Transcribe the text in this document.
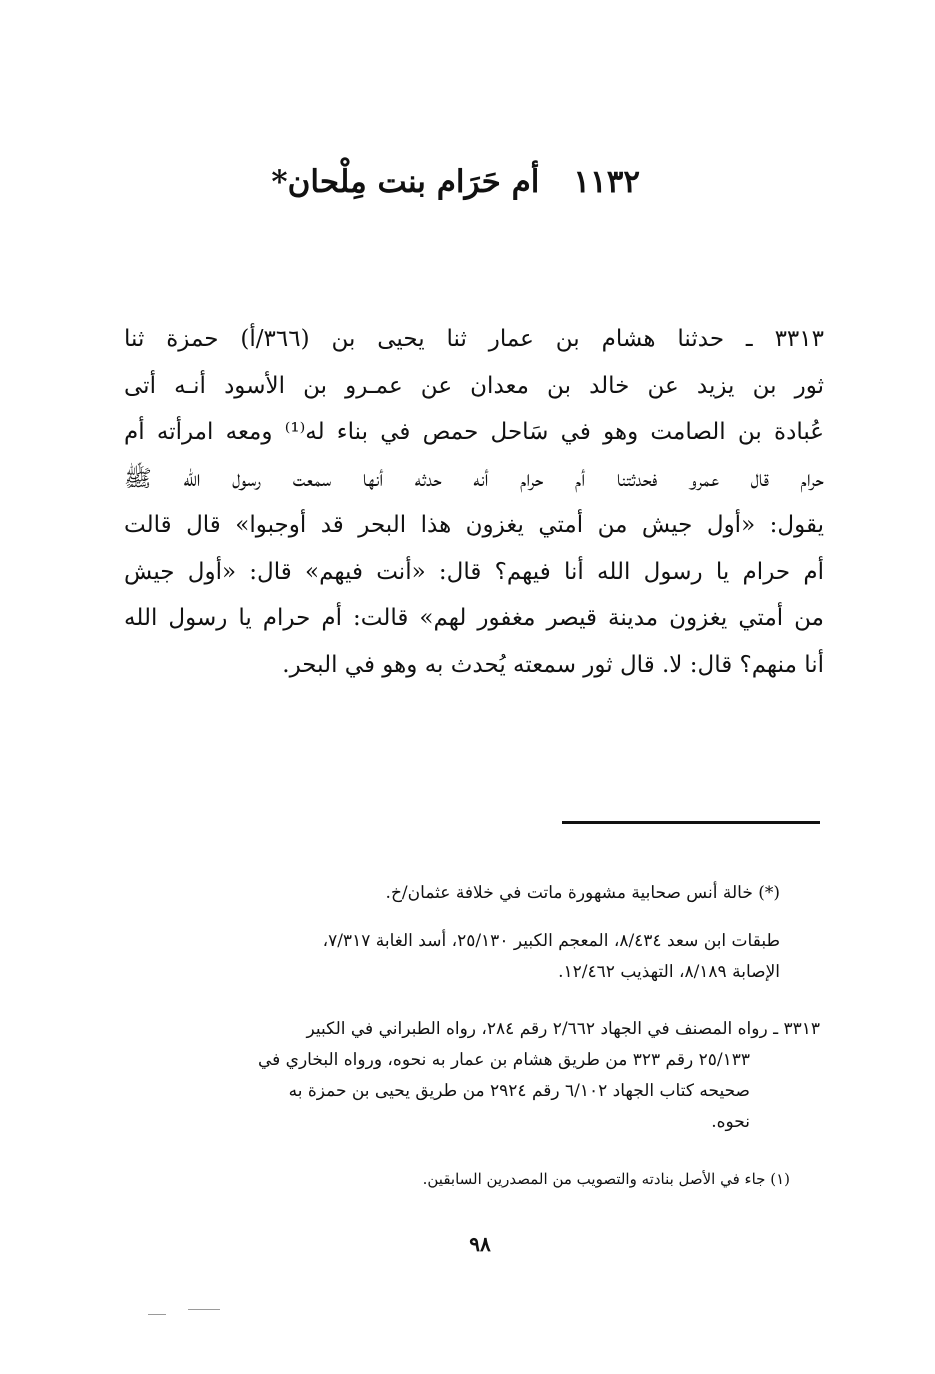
١١٣٢أم حَرَام بنت مِلْحان*
٣٣١٣ ـ حدثنا هشام بن عمار ثنا يحيى بن (٣٦٦/أ) حمزة ثنا
ثور بن يزيد عن خالد بن معدان عن عمـرو بن الأسود أنـه أتى
عُبادة بن الصامت وهو في سَاحل حمص في بناء له⁽¹⁾ ومعه امرأته أم
حرام قال عمرو فحدثتنا أم حرام أنه حدثه أنها سمعت رسول الله ﷺ
يقول: «أول جيش من أمتي يغزون هذا البحر قد أوجبوا» قال قالت
أم حرام يا رسول الله أنا فيهم؟ قال: «أنت فيهم» قال: «أول جيش
من أمتي يغزون مدينة قيصر مغفور لهم» قالت: أم حرام يا رسول الله
أنا منهم؟ قال: لا. قال ثور سمعته يُحدث به وهو في البحر.
(*) خالة أنس صحابية مشهورة ماتت في خلافة عثمان/خ.
طبقات ابن سعد ٨/٤٣٤، المعجم الكبير ٢٥/١٣٠، أسد الغابة ٧/٣١٧،
الإصابة ٨/١٨٩، التهذيب ١٢/٤٦٢.
٣٣١٣ ـ رواه المصنف في الجهاد ٢/٦٦٢ رقم ٢٨٤، رواه الطبراني في الكبير
٢٥/١٣٣ رقم ٣٢٣ من طريق هشام بن عمار به نحوه، ورواه البخاري في
صحيحه كتاب الجهاد ٦/١٠٢ رقم ٢٩٢٤ من طريق يحيى بن حمزة به
نحوه.
(١) جاء في الأصل بنادته والتصويب من المصدرين السابقين.
٩٨
